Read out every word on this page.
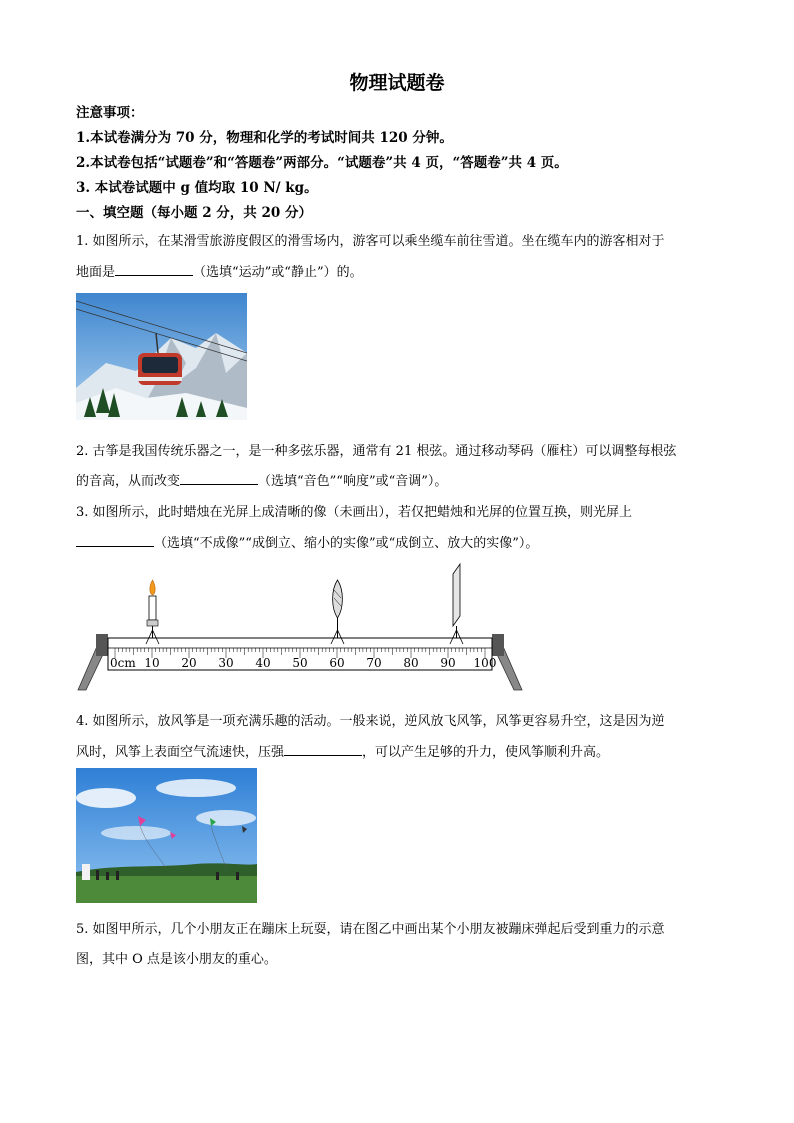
物理试题卷
注意事项：
1.本试卷满分为 70 分，物理和化学的考试时间共 120 分钟。
2.本试卷包括“试题卷”和“答题卷”两部分。“试题卷”共 4 页，“答题卷”共 4 页。
3. 本试卷试题中 g 值均取 10 N/ kg。
一、填空题（每小题 2 分，共 20 分）
1. 如图所示，在某滑雪旅游度假区的滑雪场内，游客可以乘坐缆车前往雪道。坐在缆车内的游客相对于
地面是	（选填“运动”或“静止”）的。
2. 古筝是我国传统乐器之一，是一种多弦乐器，通常有 21 根弦。通过移动琴码（雁柱）可以调整每根弦
的音高，从而改变	（选填“音色”“响度”或“音调”）。
3. 如图所示，此时蜡烛在光屏上成清晰的像（未画出），若仅把蜡烛和光屏的位置互换，则光屏上
（选填“不成像”“成倒立、缩小的实像”或“成倒立、放大的实像”）。
0cm 10 20 30 40 50 60 70 80 90 100
4. 如图所示，放风筝是一项充满乐趣的活动。一般来说，逆风放飞风筝，风筝更容易升空，这是因为逆
风时，风筝上表面空气流速快，压强	，可以产生足够的升力，使风筝顺利升高。
5. 如图甲所示，几个小朋友正在蹦床上玩耍，请在图乙中画出某个小朋友被蹦床弹起后受到重力的示意
图，其中 O 点是该小朋友的重心。
